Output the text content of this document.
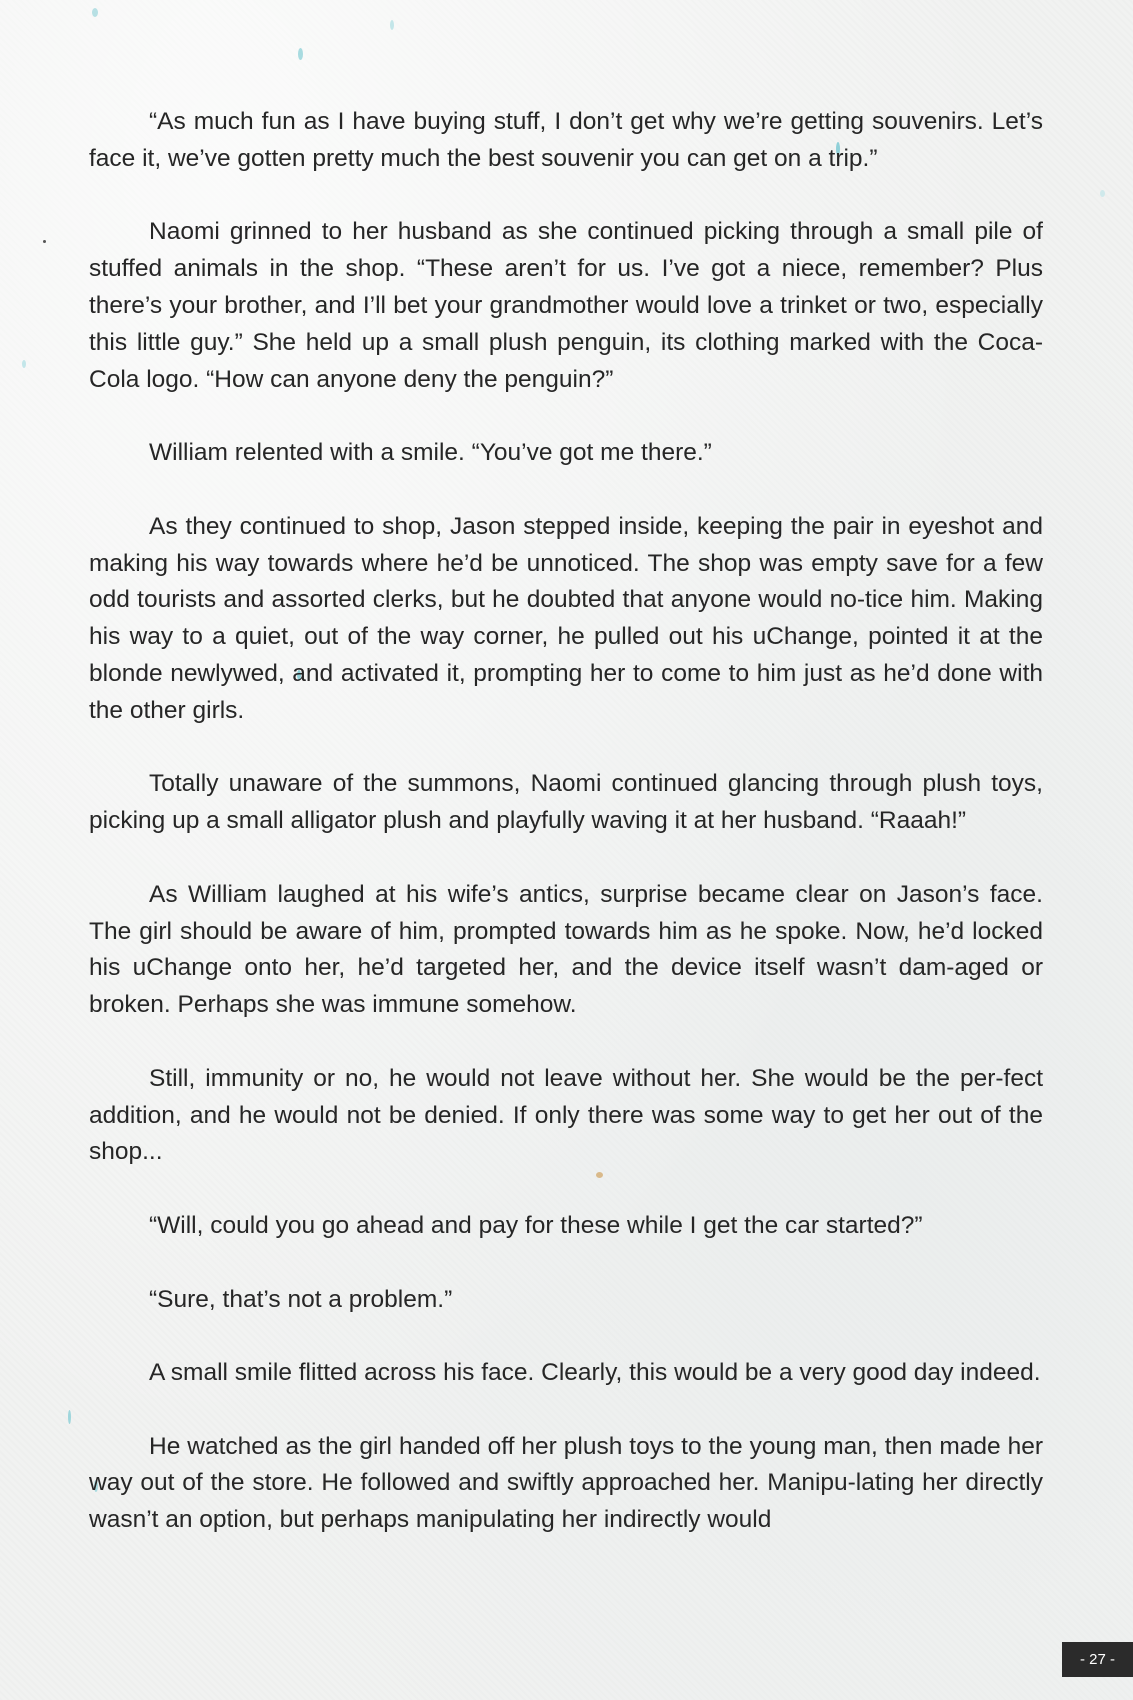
“As much fun as I have buying stuff, I don’t get why we’re getting souvenirs. Let’s face it, we’ve gotten pretty much the best souvenir you can get on a trip.”

Naomi grinned to her husband as she continued picking through a small pile of stuffed animals in the shop. “These aren’t for us. I’ve got a niece, remember? Plus there’s your brother, and I’ll bet your grandmother would love a trinket or two, especially this little guy.” She held up a small plush penguin, its clothing marked with the Coca-Cola logo. “How can anyone deny the penguin?”

William relented with a smile. “You’ve got me there.”

As they continued to shop, Jason stepped inside, keeping the pair in eyeshot and making his way towards where he’d be unnoticed. The shop was empty save for a few odd tourists and assorted clerks, but he doubted that anyone would no-tice him. Making his way to a quiet, out of the way corner, he pulled out his uChange, pointed it at the blonde newlywed, and activated it, prompting her to come to him just as he’d done with the other girls.

Totally unaware of the summons, Naomi continued glancing through plush toys, picking up a small alligator plush and playfully waving it at her husband. “Raaah!”

As William laughed at his wife’s antics, surprise became clear on Jason’s face. The girl should be aware of him, prompted towards him as he spoke. Now, he’d locked his uChange onto her, he’d targeted her, and the device itself wasn’t dam-aged or broken. Perhaps she was immune somehow.

Still, immunity or no, he would not leave without her. She would be the per-fect addition, and he would not be denied. If only there was some way to get her out of the shop...

“Will, could you go ahead and pay for these while I get the car started?”

“Sure, that’s not a problem.”

A small smile flitted across his face. Clearly, this would be a very good day indeed.

He watched as the girl handed off her plush toys to the young man, then made her way out of the store. He followed and swiftly approached her. Manipu-lating her directly wasn’t an option, but perhaps manipulating her indirectly would

- 27 -
